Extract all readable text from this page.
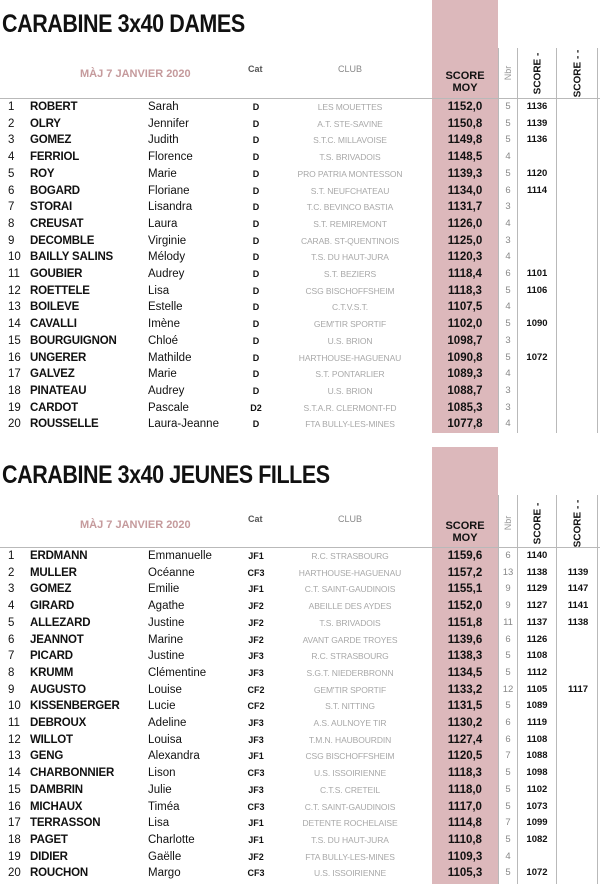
CARABINE 3x40 DAMES
MÀJ 7 JANVIER 2020	Cat	CLUB
SCORE MOY
Nbr SCORE -	SCORE - -
1	ROBERT	Sarah	D	LES MOUETTES	1152,0	5	1136
2	OLRY	Jennifer	D	A.T. STE-SAVINE	1150,8	5	1139
3	GOMEZ	Judith	D	S.T.C. MILLAVOISE	1149,8	5	1136
4	FERRIOL	Florence	D	T.S. BRIVADOIS	1148,5	4
5	ROY	Marie	D	PRO PATRIA MONTESSON	1139,3	5	1120
6	BOGARD	Floriane	D	S.T. NEUFCHATEAU	1134,0	6	1114
7	STORAI	Lisandra	D	T.C. BEVINCO BASTIA	1131,7	3
8	CREUSAT	Laura	D	S.T. REMIREMONT	1126,0	4
9	DECOMBLE	Virginie	D	CARAB. ST-QUENTINOIS	1125,0	3
10 BAILLY SALINS	Mélody	D	T.S. DU HAUT-JURA	1120,3	4
11 GOUBIER	Audrey	D	S.T. BEZIERS	1118,4	6	1101
12 ROETTELE	Lisa	D	CSG BISCHOFFSHEIM	1118,3	5	1106
13 BOILEVE	Estelle	D	C.T.V.S.T.	1107,5	4
14 CAVALLI	Imène	D	GEM'TIR SPORTIF	1102,0	5	1090
15 BOURGUIGNON	Chloé	D	U.S. BRION	1098,7	3
16 UNGERER	Mathilde	D	HARTHOUSE-HAGUENAU	1090,8	5	1072
17 GALVEZ	Marie	D	S.T. PONTARLIER	1089,3	4
18 PINATEAU	Audrey	D	U.S. BRION	1088,7	3
19 CARDOT	Pascale	D2	S.T.A.R. CLERMONT-FD	1085,3	3
20 ROUSSELLE	Laura-Jeanne	D	FTA BULLY-LES-MINES	1077,8	4
CARABINE 3x40 JEUNES FILLES
MÀJ 7 JANVIER 2020	Cat	CLUB
SCORE MOY
Nbr SCORE -	SCORE - -
1	ERDMANN	Emmanuelle	JF1	R.C. STRASBOURG	1159,6	6	1140
2	MULLER	Océanne	CF3	HARTHOUSE-HAGUENAU	1157,2	13	1138	1139
3	GOMEZ	Emilie	JF1	C.T. SAINT-GAUDINOIS	1155,1	9	1129	1147
4	GIRARD	Agathe	JF2	ABEILLE DES AYDES	1152,0	9	1127	1141
5	ALLEZARD	Justine	JF2	T.S. BRIVADOIS	1151,8	11	1137	1138
6	JEANNOT	Marine	JF2	AVANT GARDE TROYES	1139,6	6	1126
7	PICARD	Justine	JF3	R.C. STRASBOURG	1138,3	5	1108
8	KRUMM	Clémentine	JF3	S.G.T. NIEDERBRONN	1134,5	5	1112
9	AUGUSTO	Louise	CF2	GEM'TIR SPORTIF	1133,2	12	1105	1117
10 KISSENBERGER Lucie	CF2	S.T. NITTING	1131,5	5	1089
11 DEBROUX	Adeline	JF3	A.S. AULNOYE TIR	1130,2	6	1119
12 WILLOT	Louisa	JF3	T.M.N. HAUBOURDIN	1127,4	6	1108
13 GENG	Alexandra	JF1	CSG BISCHOFFSHEIM	1120,5	7	1088
14 CHARBONNIER	Lison	CF3	U.S. ISSOIRIENNE	1118,3	5	1098
15 DAMBRIN	Julie	JF3	C.T.S. CRETEIL	1118,0	5	1102
16 MICHAUX	Timéa	CF3	C.T. SAINT-GAUDINOIS	1117,0	5	1073
17 TERRASSON	Lisa	JF1	DETENTE ROCHELAISE	1114,8	7	1099
18 PAGET	Charlotte	JF1	T.S. DU HAUT-JURA	1110,8	5	1082
19 DIDIER	Gaëlle	JF2	FTA BULLY-LES-MINES	1109,3	4
20 ROUCHON	Margo	CF3	U.S. ISSOIRIENNE	1105,3	5	1072
